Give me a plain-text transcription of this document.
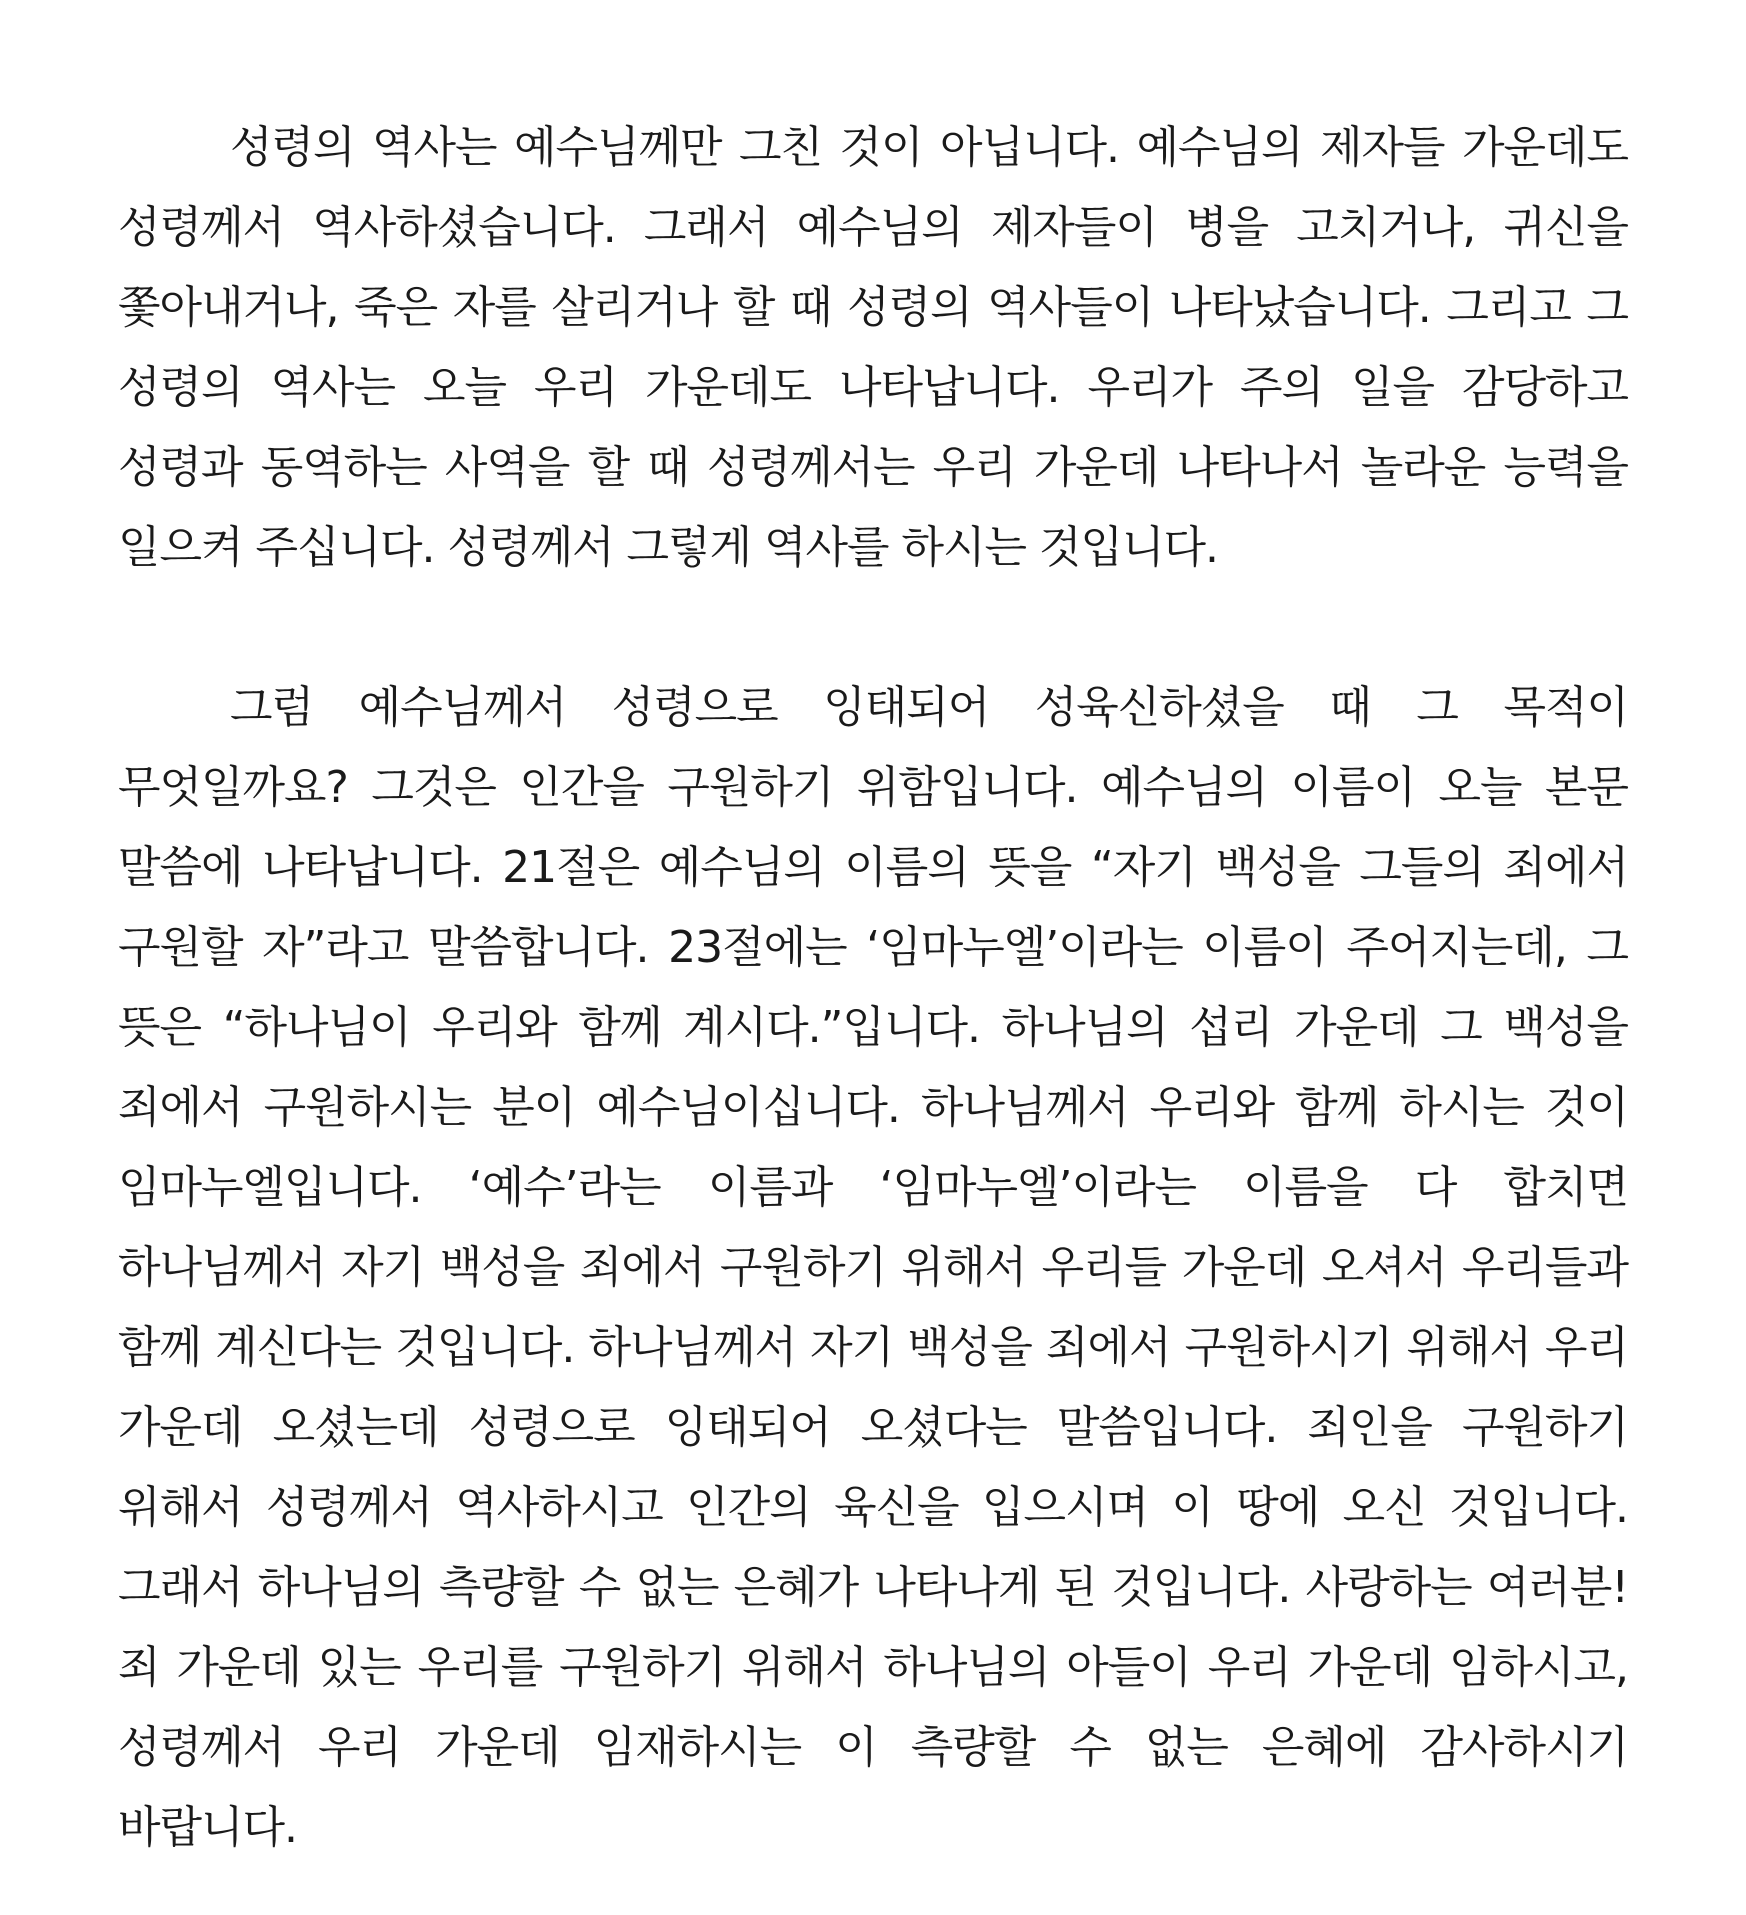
성령의 역사는 예수님께만 그친 것이 아닙니다. 예수님의 제자들 가운데도 성령께서 역사하셨습니다. 그래서 예수님의 제자들이 병을 고치거나, 귀신을 쫓아내거나, 죽은 자를 살리거나 할 때 성령의 역사들이 나타났습니다. 그리고 그 성령의 역사는 오늘 우리 가운데도 나타납니다. 우리가 주의 일을 감당하고 성령과 동역하는 사역을 할 때 성령께서는 우리 가운데 나타나서 놀라운 능력을 일으켜 주십니다. 성령께서 그렇게 역사를 하시는 것입니다.

그럼 예수님께서 성령으로 잉태되어 성육신하셨을 때 그 목적이 무엇일까요? 그것은 인간을 구원하기 위함입니다. 예수님의 이름이 오늘 본문 말씀에 나타납니다. 21절은 예수님의 이름의 뜻을 “자기 백성을 그들의 죄에서 구원할 자”라고 말씀합니다. 23절에는 ‘임마누엘’이라는 이름이 주어지는데, 그 뜻은 “하나님이 우리와 함께 계시다.”입니다. 하나님의 섭리 가운데 그 백성을 죄에서 구원하시는 분이 예수님이십니다. 하나님께서 우리와 함께 하시는 것이 임마누엘입니다. ‘예수’라는 이름과 ‘임마누엘’이라는 이름을 다 합치면 하나님께서 자기 백성을 죄에서 구원하기 위해서 우리들 가운데 오셔서 우리들과 함께 계신다는 것입니다. 하나님께서 자기 백성을 죄에서 구원하시기 위해서 우리 가운데 오셨는데 성령으로 잉태되어 오셨다는 말씀입니다. 죄인을 구원하기 위해서 성령께서 역사하시고 인간의 육신을 입으시며 이 땅에 오신 것입니다. 그래서 하나님의 측량할 수 없는 은혜가 나타나게 된 것입니다. 사랑하는 여러분! 죄 가운데 있는 우리를 구원하기 위해서 하나님의 아들이 우리 가운데 임하시고, 성령께서 우리 가운데 임재하시는 이 측량할 수 없는 은혜에 감사하시기 바랍니다.
